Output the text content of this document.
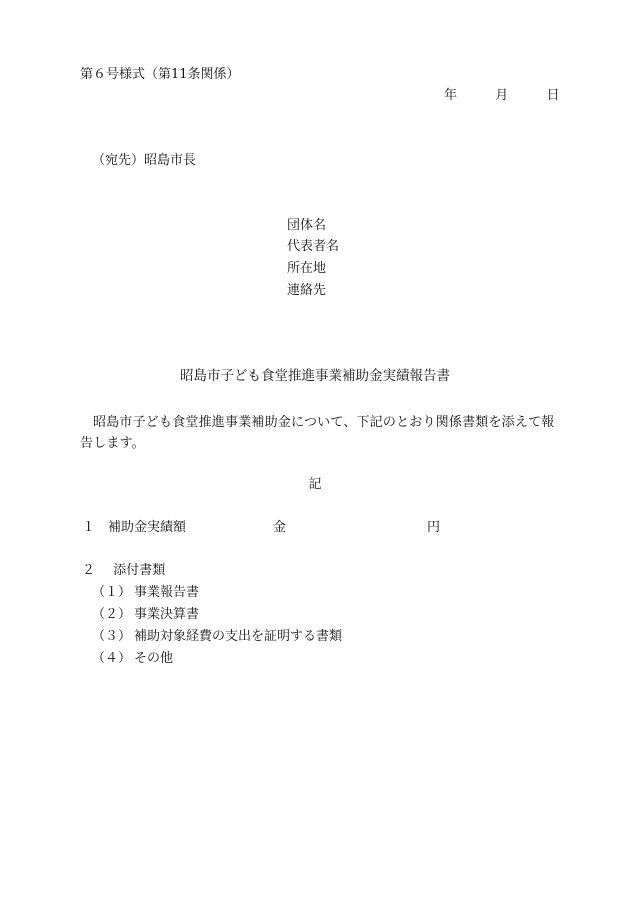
第６号様式（第11条関係）
年	月	日
（宛先）昭島市長
団体名
代表者名
所在地
連絡先
昭島市子ども食堂推進事業補助金実績報告書
昭島市子ども食堂推進事業補助金について、下記のとおり関係書類を添えて報告します。
記
１ 補助金実績額	金	円
２ 添付書類
（１） 事業報告書
（２） 事業決算書
（３） 補助対象経費の支出を証明する書類
（４） その他
